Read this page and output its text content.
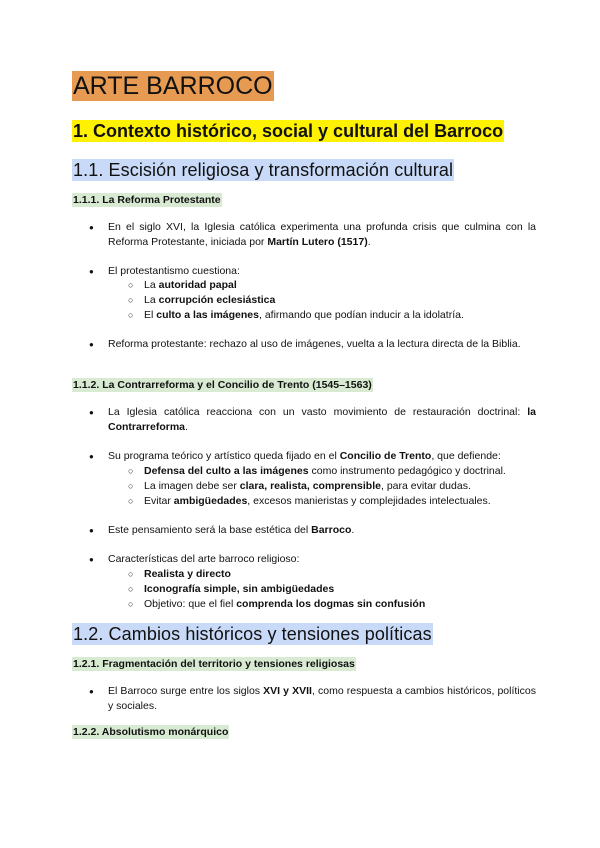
ARTE BARROCO
1. Contexto histórico, social y cultural del Barroco
1.1. Escisión religiosa y transformación cultural
1.1.1. La Reforma Protestante
● En el siglo XVI, la Iglesia católica experimenta una profunda crisis que culmina con la Reforma Protestante, iniciada por Martín Lutero (1517).
● El protestantismo cuestiona:
○ La autoridad papal
○ La corrupción eclesiástica
○ El culto a las imágenes, afirmando que podían inducir a la idolatría.
● Reforma protestante: rechazo al uso de imágenes, vuelta a la lectura directa de la Biblia.
1.1.2. La Contrarreforma y el Concilio de Trento (1545–1563)
● La Iglesia católica reacciona con un vasto movimiento de restauración doctrinal: la Contrarreforma.
● Su programa teórico y artístico queda fijado en el Concilio de Trento, que defiende:
○ Defensa del culto a las imágenes como instrumento pedagógico y doctrinal.
○ La imagen debe ser clara, realista, comprensible, para evitar dudas.
○ Evitar ambigüedades, excesos manieristas y complejidades intelectuales.
● Este pensamiento será la base estética del Barroco.
● Características del arte barroco religioso:
○ Realista y directo
○ Iconografía simple, sin ambigüedades
○ Objetivo: que el fiel comprenda los dogmas sin confusión
1.2. Cambios históricos y tensiones políticas
1.2.1. Fragmentación del territorio y tensiones religiosas
● El Barroco surge entre los siglos XVI y XVII, como respuesta a cambios históricos, políticos y sociales.
1.2.2. Absolutismo monárquico
